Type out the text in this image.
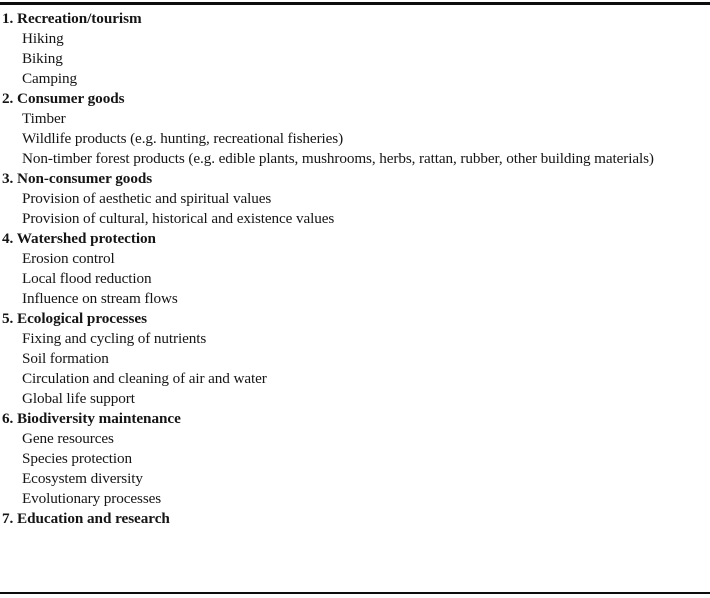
1. Recreation/tourism
Hiking
Biking
Camping
2. Consumer goods
Timber
Wildlife products (e.g. hunting, recreational fisheries)
Non-timber forest products (e.g. edible plants, mushrooms, herbs, rattan, rubber, other building materials)
3. Non-consumer goods
Provision of aesthetic and spiritual values
Provision of cultural, historical and existence values
4. Watershed protection
Erosion control
Local flood reduction
Influence on stream flows
5. Ecological processes
Fixing and cycling of nutrients
Soil formation
Circulation and cleaning of air and water
Global life support
6. Biodiversity maintenance
Gene resources
Species protection
Ecosystem diversity
Evolutionary processes
7. Education and research
